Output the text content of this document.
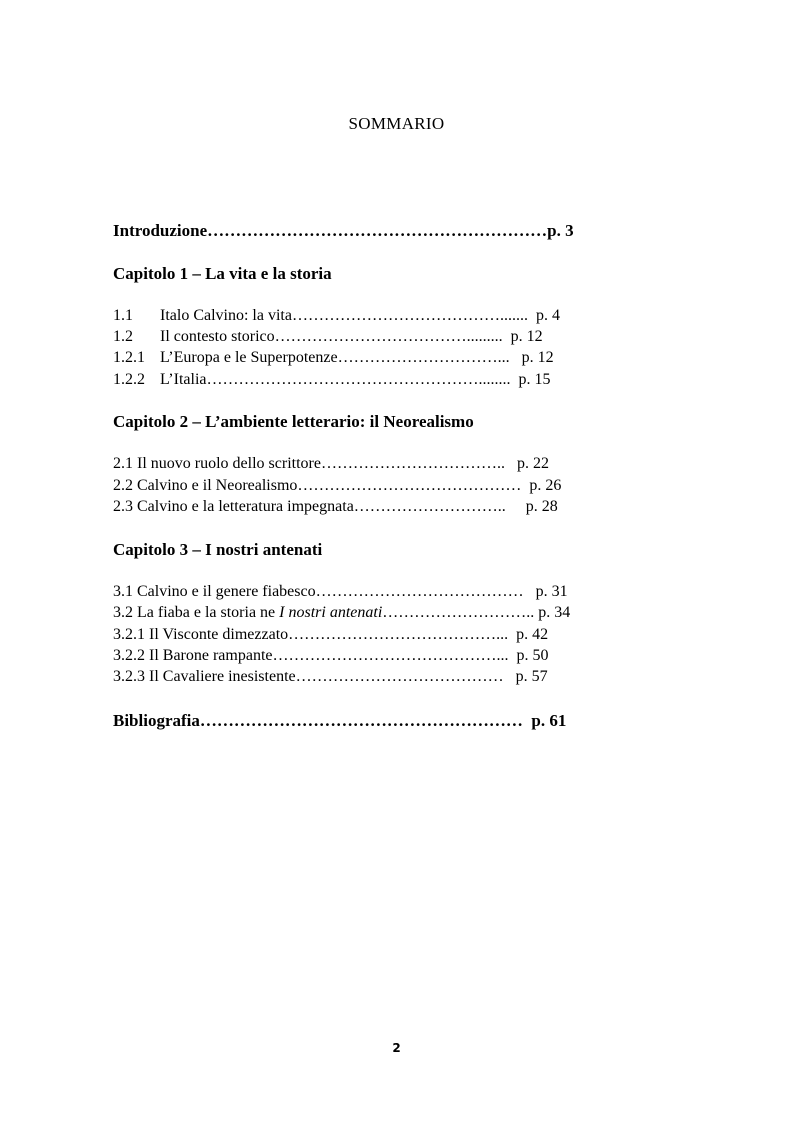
SOMMARIO
Introduzione……………………………………………………p. 3
Capitolo 1 – La vita e la storia
1.1 Italo Calvino: la vita…………………………………....... p. 4
1.2 Il contesto storico………………………………......... p. 12
1.2.1 L’Europa e le Superpotenze…………………………... p. 12
1.2.2 L’Italia……………………………………………........ p. 15
Capitolo 2 – L’ambiente letterario: il Neorealismo
2.1 Il nuovo ruolo dello scrittore…………………………….. p. 22
2.2 Calvino e il Neorealismo…………………………………… p. 26
2.3 Calvino e la letteratura impegnata……………………….. p. 28
Capitolo 3 – I nostri antenati
3.1 Calvino e il genere fiabesco………………………………… p. 31
3.2 La fiaba e la storia ne I nostri antenati……………………….. p. 34
3.2.1 Il Visconte dimezzato…………………………………... p. 42
3.2.2 Il Barone rampante……………………………………... p. 50
3.2.3 Il Cavaliere inesistente………………………………… p. 57
Bibliografia………………………………………………… p. 61
2
